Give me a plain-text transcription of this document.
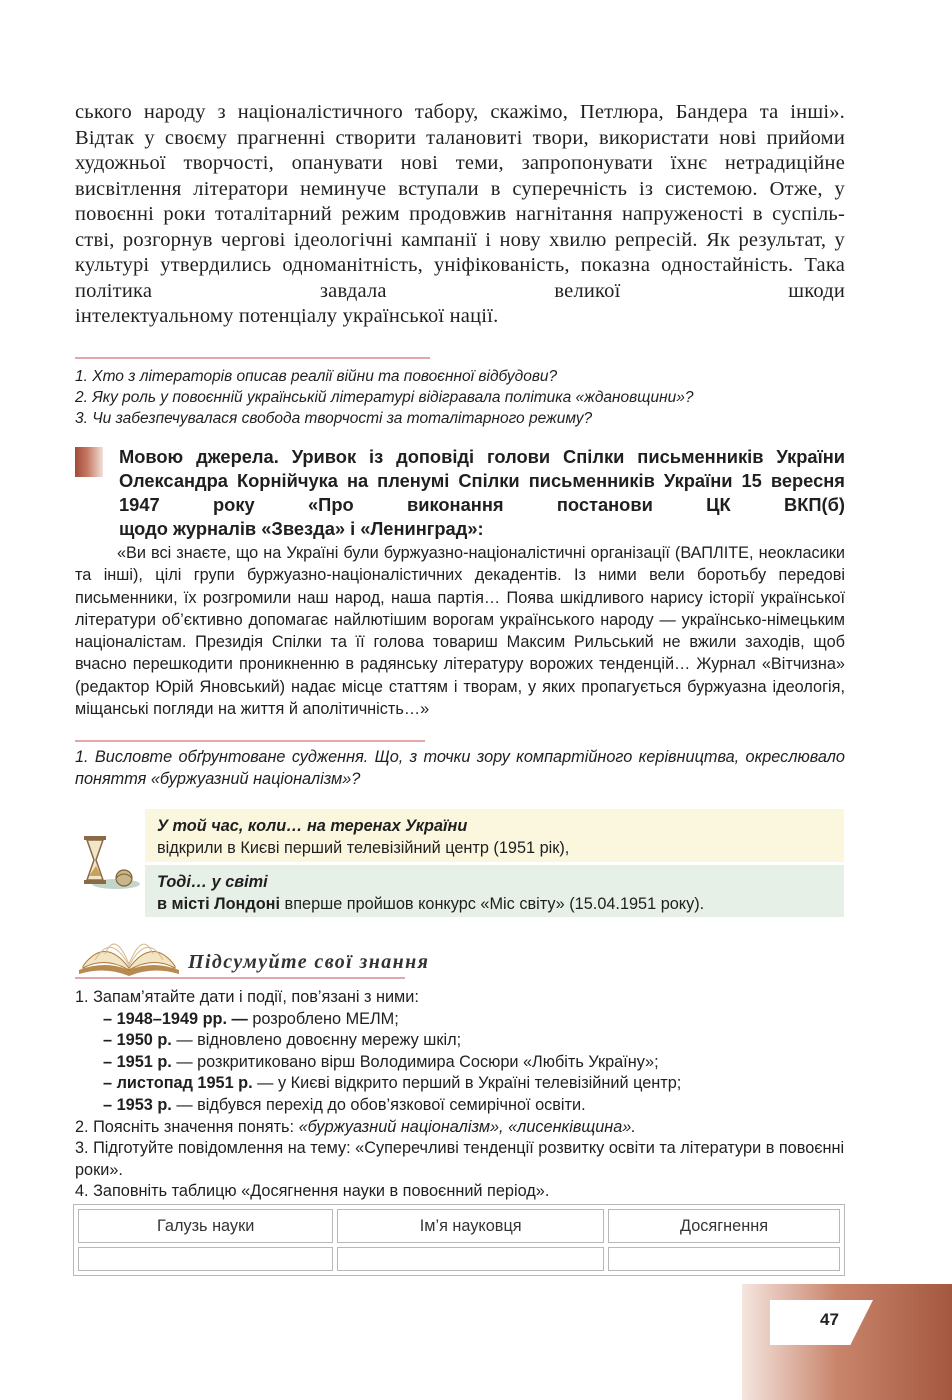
ського народу з націоналістичного табору, скажімо, Петлюра, Бандера та інші». Відтак у своєму прагненні створити талановиті твори, використати нові прийоми художньої творчості, опанувати нові теми, запропонувати їхнє нетрадиційне висвітлення літератори неминуче вступали в суперечність із системою. Отже, у повоєнні роки тоталітарний режим продовжив нагнітання напруженості в суспіль- стві, розгорнув чергові ідеологічні кампанії і нову хвилю репресій. Як результат, у культурі утвердились одноманітність, уніфікованість, показна одностайність. Така політика завдала великої шкоди
інтелектуальному потенціалу української нації.
1. Хто з літераторів описав реалії війни та повоєнної відбудови?
2. Яку роль у повоєнній українській літературі відігравала політика «ждановщини»?
3. Чи забезпечувалася свобода творчості за тоталітарного режиму?
Мовою джерела. Уривок із доповіді голови Спілки письменників України Олександра Корнійчука на пленумі Спілки письменників України 15 вересня 1947 року «Про виконання постанови ЦК ВКП(б)
щодо журналів «Звезда» і «Ленинград»:
«Ви всі знаєте, що на Україні були буржуазно-націоналістичні організації (ВАПЛІТЕ, неокласики та інші), цілі групи буржуазно-націоналістичних декадентів. Із ними вели боротьбу передові письменники, їх розгромили наш народ, наша партія… Поява шкідливого нарису історії української літератури об’єктивно допомагає найлютішим ворогам українського народу — українсько-німецьким націоналістам. Президія Спілки та її голова товариш Максим Рильський не вжили заходів, щоб вчасно перешкодити проникненню в радянську літературу ворожих тенденцій… Журнал «Вітчизна» (редактор Юрій Яновський) надає місце статтям і творам, у яких пропагується буржуазна ідеологія, міщанські погляди на життя й аполітичність…»
1. Висловте обґрунтоване судження. Що, з точки зору компартійного керівництва, окреслювало поняття «буржуазний націоналізм»?
У той час, коли… на теренах України
відкрили в Києві перший телевізійний центр (1951 рік),
Тоді… у світі
в місті Лондоні вперше пройшов конкурс «Міс світу» (15.04.1951 року).
Підсумуйте свої знання
1. Запам’ятайте дати і події, пов’язані з ними:
– 1948–1949 рр. — розроблено МЕЛМ;
– 1950 р. — відновлено довоєнну мережу шкіл;
– 1951 р. — розкритиковано вірш Володимира Сосюри «Любіть Україну»;
– листопад 1951 р. — у Києві відкрито перший в Україні телевізійний центр;
– 1953 р. — відбувся перехід до обов’язкової семирічної освіти.
2. Поясніть значення понять: «буржуазний націоналізм», «лисенківщина».
3. Підготуйте повідомлення на тему: «Суперечливі тенденції розвитку освіти та літератури в повоєнні роки».
4. Заповніть таблицю «Досягнення науки в повоєнний період».
Галузь науки	Ім’я науковця	Досягнення

47
